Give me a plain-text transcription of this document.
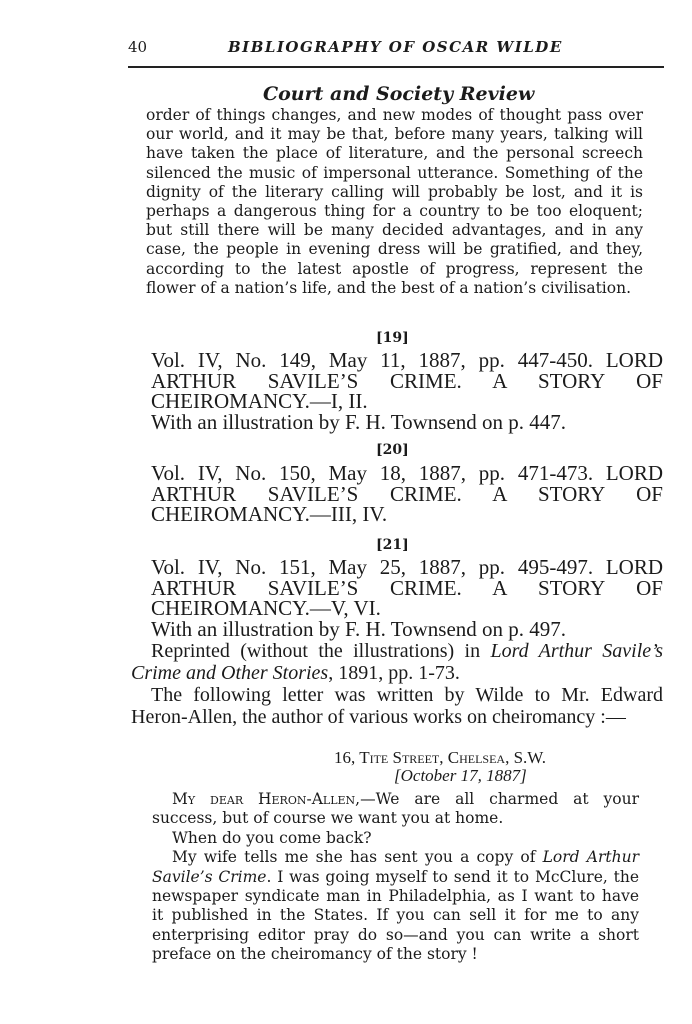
40	BIBLIOGRAPHY OF OSCAR WILDE
Court and Society Review
order of things changes, and new modes of thought pass over our world, and it may be that, before many years, talking will have taken the place of literature, and the personal screech silenced the music of impersonal utterance. Something of the dignity of the literary calling will probably be lost, and it is perhaps a dangerous thing for a country to be too eloquent; but still there will be many decided advantages, and in any case, the people in evening dress will be gratified, and they, according to the latest apostle of progress, represent the flower of a nation’s life, and the best of a nation’s civilisation.
[19]
Vol. IV, No. 149, May 11, 1887, pp. 447-450. LORD ARTHUR SAVILE’S CRIME. A STORY OF CHEIROMANCY.—I, II.
With an illustration by F. H. Townsend on p. 447.
[20]
Vol. IV, No. 150, May 18, 1887, pp. 471-473. LORD ARTHUR SAVILE’S CRIME. A STORY OF CHEIROMANCY.—III, IV.
[21]
Vol. IV, No. 151, May 25, 1887, pp. 495-497. LORD ARTHUR SAVILE’S CRIME. A STORY OF CHEIROMANCY.—V, VI.
With an illustration by F. H. Townsend on p. 497.
Reprinted (without the illustrations) in Lord Arthur Savile’s Crime and Other Stories, 1891, pp. 1-73.
The following letter was written by Wilde to Mr. Edward Heron-Allen, the author of various works on cheiromancy :—
16, Tite Street, Chelsea, S.W.
[October 17, 1887]

My dear Heron-Allen,—We are all charmed at your success, but of course we want you at home.

When do you come back?

My wife tells me she has sent you a copy of Lord Arthur Savile’s Crime. I was going myself to send it to McClure, the newspaper syndicate man in Philadelphia, as I want to have it published in the States. If you can sell it for me to any enterprising editor pray do so—and you can write a short preface on the cheiromancy of the story !
